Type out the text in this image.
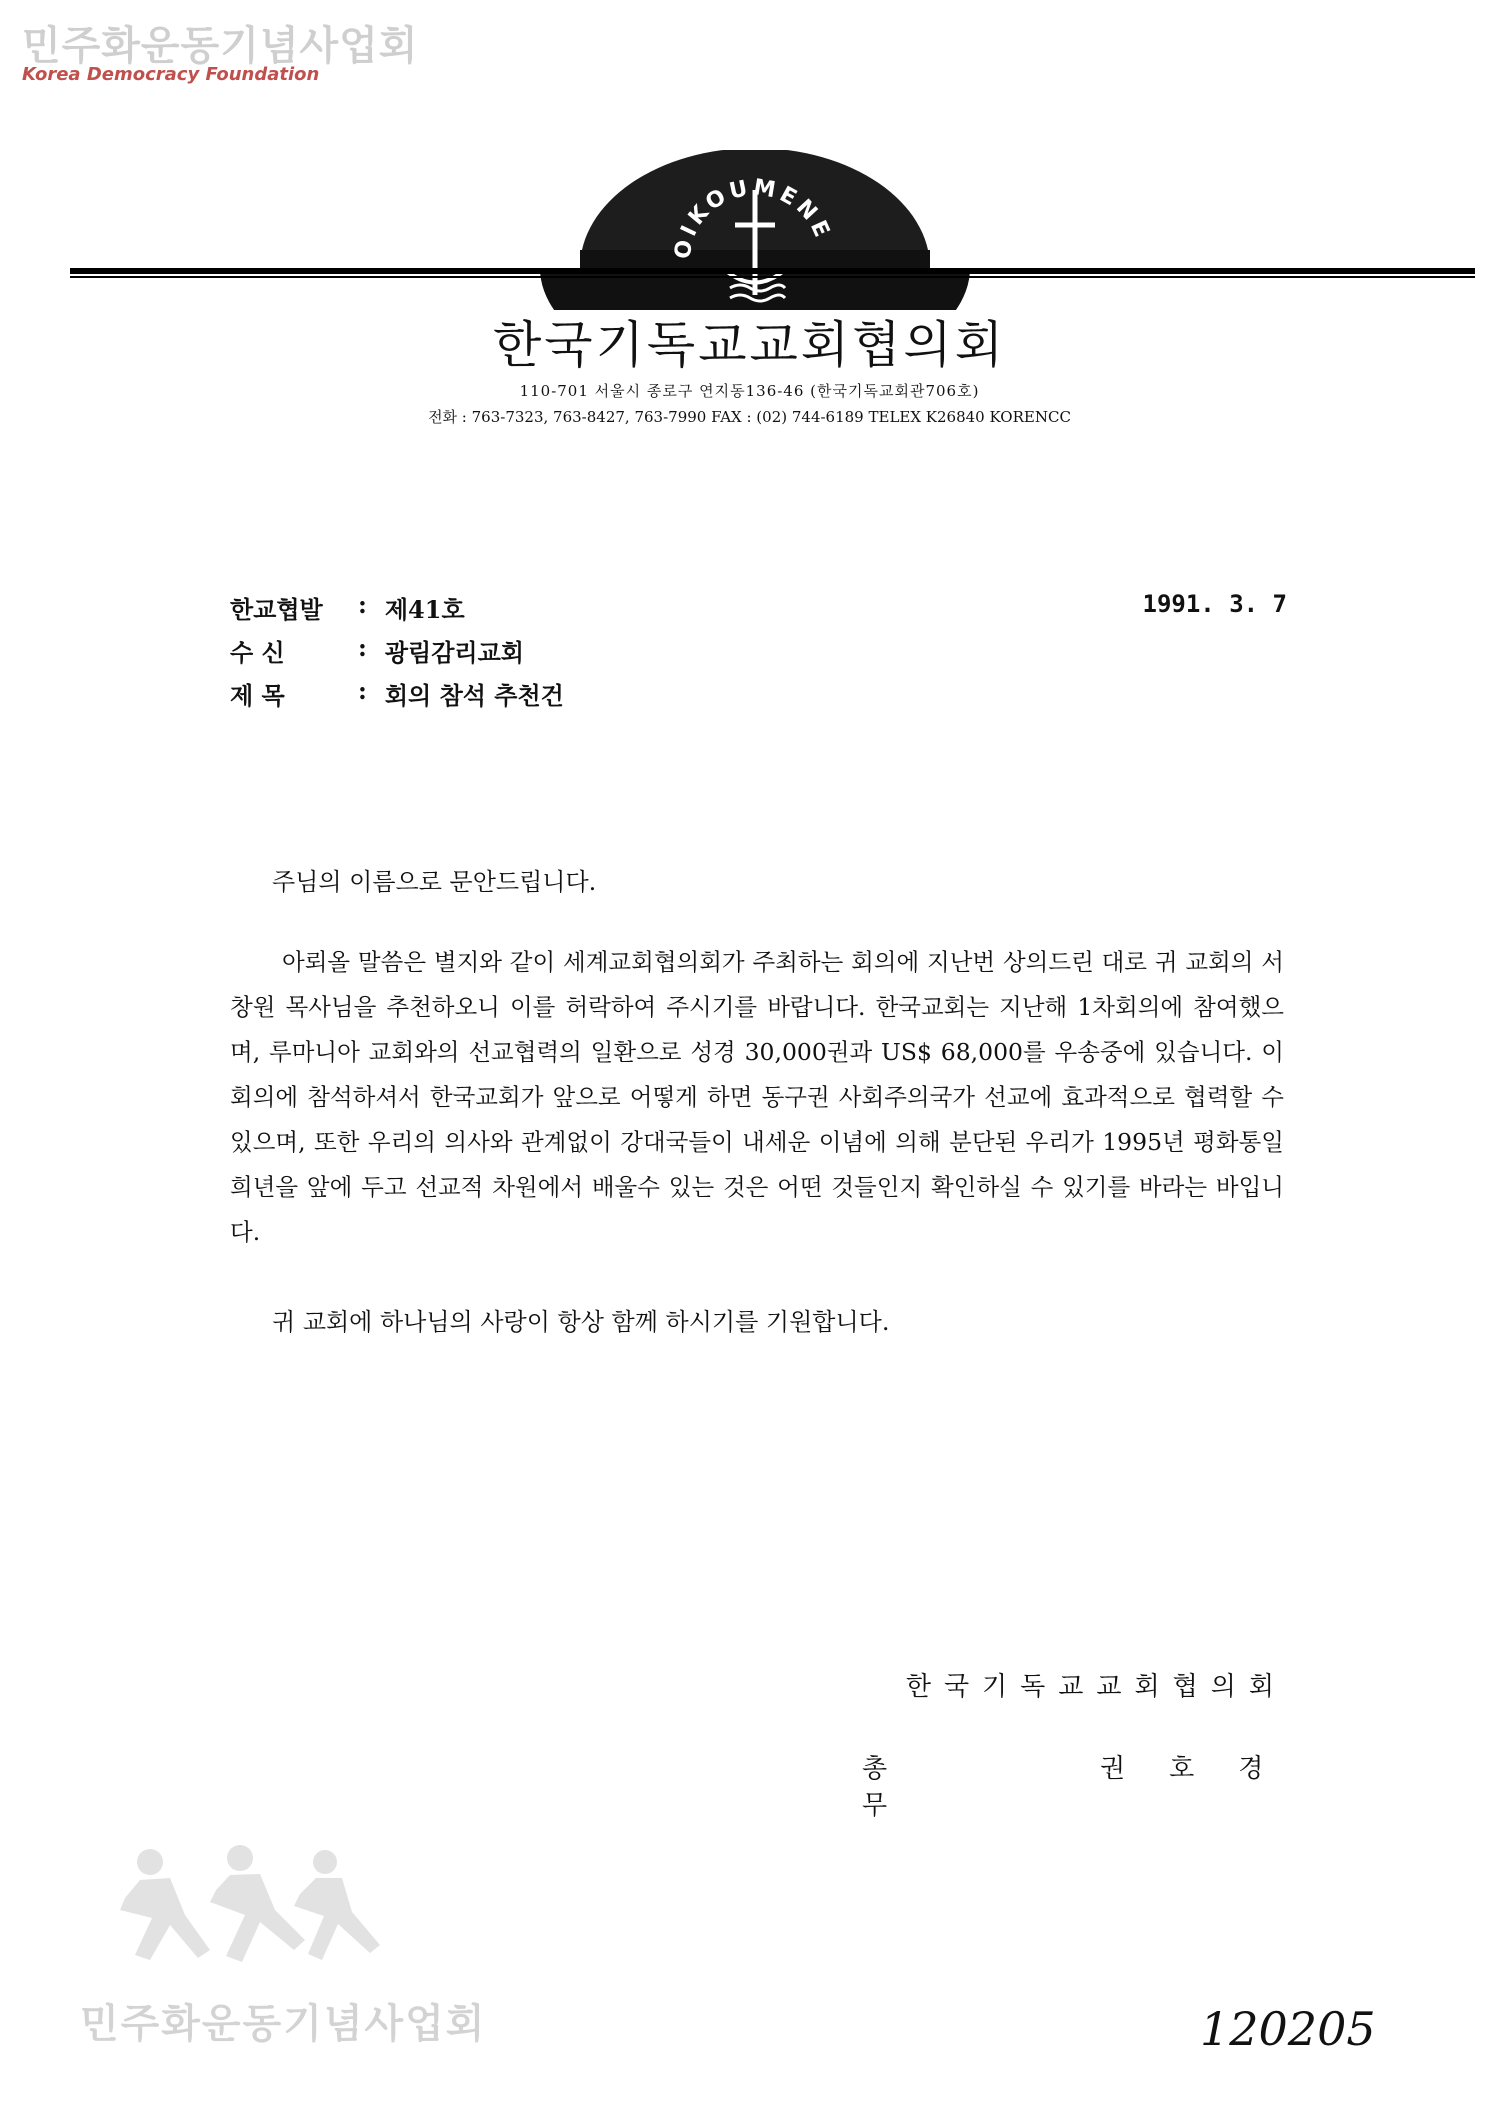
민주화운동기념사업회
Korea Democracy Foundation
OIKOUMENE
한국기독교교회협의회
110-701 서울시 종로구 연지동136-46 (한국기독교회관706호)
전화 : 763-7323, 763-8427, 763-7990 FAX : (02) 744-6189 TELEX K26840 KORENCC
한교협발	: 제41호	1991. 3. 7
수 신	: 광림감리교회
제 목	: 회의 참석 추천건
주님의 이름으로 문안드립니다.
아뢰올 말씀은 별지와 같이 세계교회협의회가 주최하는 회의에 지난번 상의드린 대로 귀 교회의 서창원 목사님을 추천하오니 이를 허락하여 주시기를 바랍니다. 한국교회는 지난해 1차회의에 참여했으며, 루마니아 교회와의 선교협력의 일환으로 성경 30,000권과 US$ 68,000를 우송중에 있습니다. 이 회의에 참석하셔서 한국교회가 앞으로 어떻게 하면 동구권 사회주의국가 선교에 효과적으로 협력할 수 있으며, 또한 우리의 의사와 관계없이 강대국들이 내세운 이념에 의해 분단된 우리가 1995년 평화통일 희년을 앞에 두고 선교적 차원에서 배울수 있는 것은 어떤 것들인지 확인하실 수 있기를 바라는 바입니다.
귀 교회에 하나님의 사랑이 항상 함께 하시기를 기원합니다.
한국기독교교회협의회
총무
권호경
민주화운동기념사업회	120205
